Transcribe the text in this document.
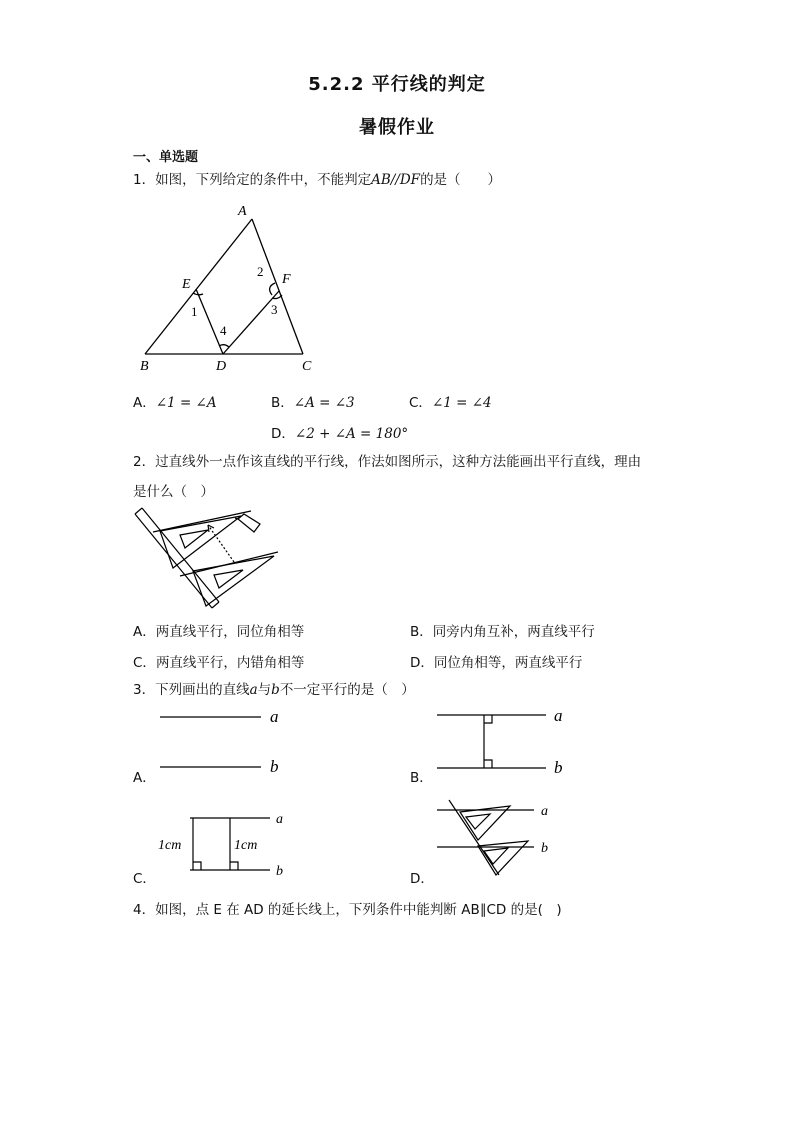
5.2.2 平行线的判定
暑假作业
一、单选题
1．如图，下列给定的条件中，不能判定AB//DF的是（　　）
A
E	F
B	D	C
1
2
3
4
A．∠1 = ∠A	B．∠A = ∠3	C．∠1 = ∠4
D．∠2 + ∠A = 180°
2．过直线外一点作该直线的平行线，作法如图所示，这种方法能画出平行直线，理由
是什么（　）
A．两直线平行，同位角相等	B．同旁内角互补，两直线平行
C．两直线平行，内错角相等	D．同位角相等，两直线平行
3．下列画出的直线a与b不一定平行的是（　）
a
b
a
b
a
b
1cm	1cm
a
b
A．	B．
C．	D．
4．如图，点 E 在 AD 的延长线上，下列条件中能判断 AB∥CD 的是(　)
